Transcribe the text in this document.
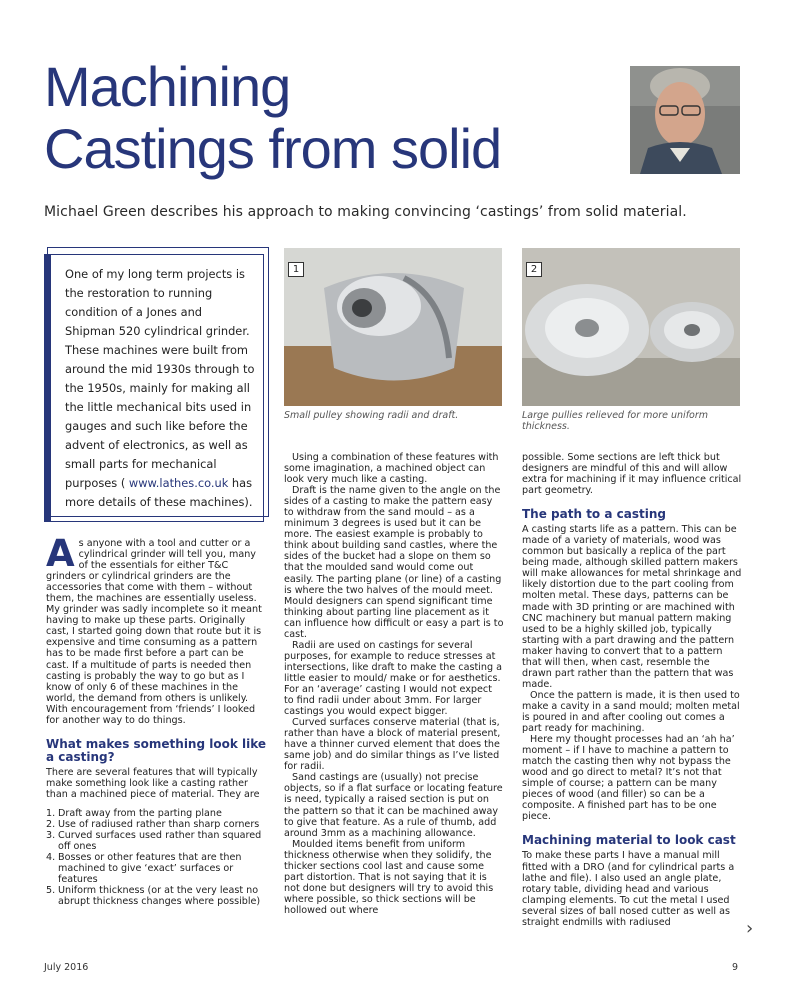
Machining
Castings from solid
Michael Green describes his approach to making convincing ‘castings’ from solid material.

One of my long term projects is the restoration to running condition of a Jones and Shipman 520 cylindrical grinder. These machines were built from around the mid 1930s through to the 1950s, mainly for making all the little mechanical bits used in gauges and such like before the advent of electronics, as well as small parts for mechanical purposes ( www.lathes.co.uk has more details of these machines).

1
Small pulley showing radii and draft.
2
Large pullies relieved for more uniform thickness.
A s anyone with a tool and cutter or a cylindrical grinder will tell you, many of the essentials for either T&C grinders or cylindrical grinders are the accessories that come with them – without them, the machines are essentially useless. My grinder was sadly incomplete so it meant having to make up these parts. Originally cast, I started going down that route but it is expensive and time consuming as a pattern has to be made first before a part can be cast. If a multitude of parts is needed then casting is probably the way to go but as I know of only 6 of these machines in the world, the demand from others is unlikely. With encouragement from ‘friends’ I looked for another way to do things.

What makes something look like a casting?

There are several features that will typically make something look like a casting rather than a machined piece of material. They are

1. Draft away from the parting plane
2. Use of radiused rather than sharp corners
3. Curved surfaces used rather than squared off ones
4. Bosses or other features that are then machined to give ‘exact’ surfaces or features
5. Uniform thickness (or at the very least no abrupt thickness changes where possible)

Using a combination of these features with some imagination, a machined object can look very much like a casting.

Draft is the name given to the angle on the sides of a casting to make the pattern easy to withdraw from the sand mould – as a minimum 3 degrees is used but it can be more. The easiest example is probably to think about building sand castles, where the sides of the bucket had a slope on them so that the moulded sand would come out easily. The parting plane (or line) of a casting is where the two halves of the mould meet. Mould designers can spend significant time thinking about parting line placement as it can influence how difficult or easy a part is to cast.

Radii are used on castings for several purposes, for example to reduce stresses at intersections, like draft to make the casting a little easier to mould/ make or for aesthetics. For an ‘average’ casting I would not expect to find radii under about 3mm. For larger castings you would expect bigger.

Curved surfaces conserve material (that is, rather than have a block of material present, have a thinner curved element that does the same job) and do similar things as I’ve listed for radii.

Sand castings are (usually) not precise objects, so if a flat surface or locating feature is need, typically a raised section is put on the pattern so that it can be machined away to give that feature. As a rule of thumb, add around 3mm as a machining allowance.

Moulded items benefit from uniform thickness otherwise when they solidify, the thicker sections cool last and cause some part distortion. That is not saying that it is not done but designers will try to avoid this where possible, so thick sections will be hollowed out where

possible. Some sections are left thick but designers are mindful of this and will allow extra for machining if it may influence critical part geometry.

The path to a casting

A casting starts life as a pattern. This can be made of a variety of materials, wood was common but basically a replica of the part being made, although skilled pattern makers will make allowances for metal shrinkage and likely distortion due to the part cooling from molten metal. These days, patterns can be made with 3D printing or are machined with CNC machinery but manual pattern making used to be a highly skilled job, typically starting with a part drawing and the pattern maker having to convert that to a pattern that will then, when cast, resemble the drawn part rather than the pattern that was made.

Once the pattern is made, it is then used to make a cavity in a sand mould; molten metal is poured in and after cooling out comes a part ready for machining.

Here my thought processes had an ‘ah ha’ moment – if I have to machine a pattern to match the casting then why not bypass the wood and go direct to metal? It’s not that simple of course; a pattern can be many pieces of wood (and filler) so can be a composite. A finished part has to be one piece.

Machining material to look cast

To make these parts I have a manual mill fitted with a DRO (and for cylindrical parts a lathe and file). I also used an angle plate, rotary table, dividing head and various clamping elements. To cut the metal I used several sizes of ball nosed cutter as well as straight endmills with radiused	›
July 2016	9
